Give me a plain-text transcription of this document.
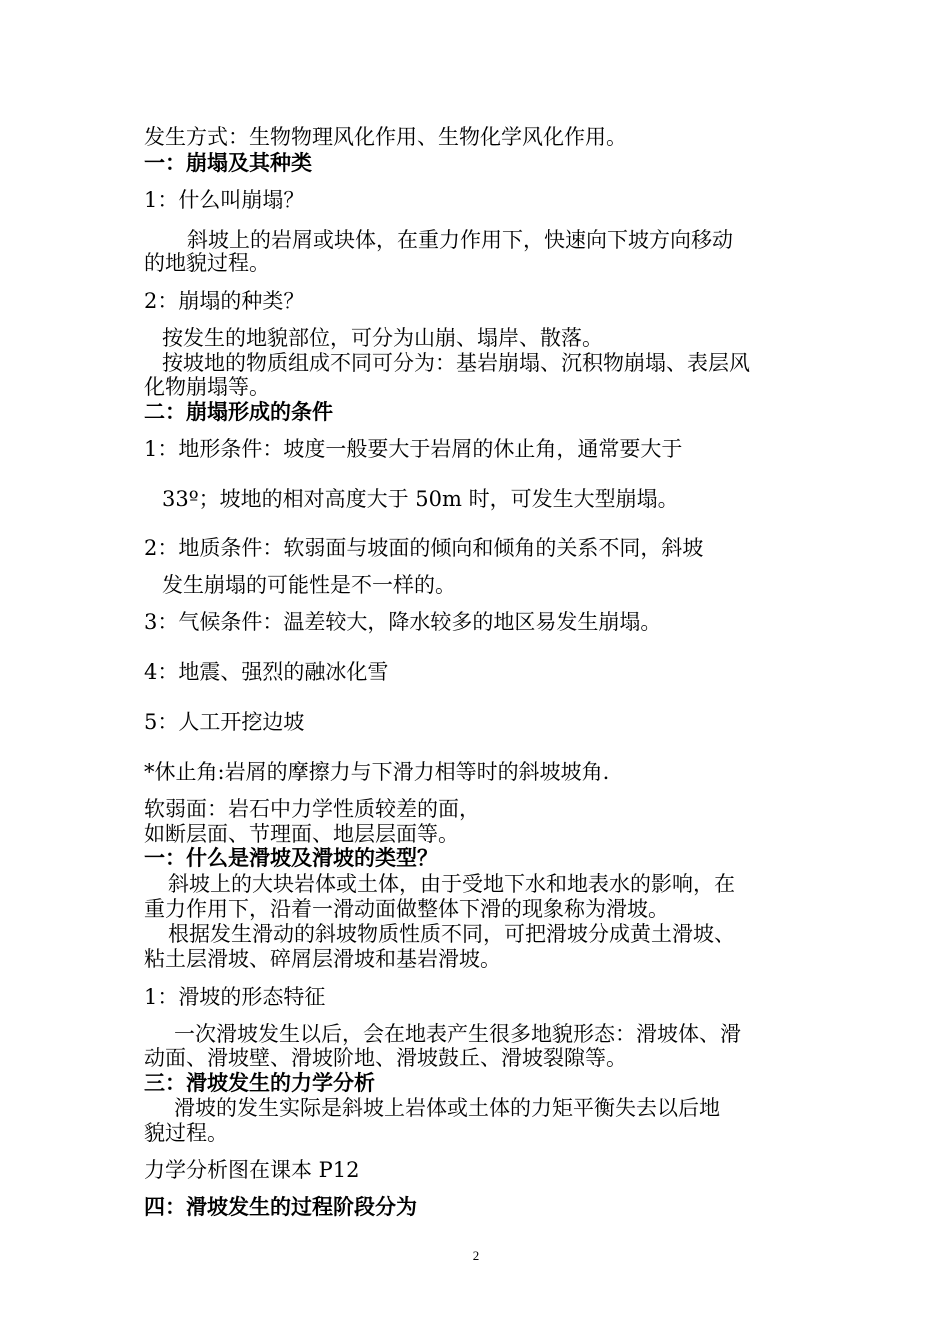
发生方式：生物物理风化作用、生物化学风化作用。

一：崩塌及其种类

1：什么叫崩塌？

斜坡上的岩屑或块体，在重力作用下，快速向下坡方向移动

的地貌过程。

2：崩塌的种类？

按发生的地貌部位，可分为山崩、塌岸、散落。

按坡地的物质组成不同可分为：基岩崩塌、沉积物崩塌、表层风

化物崩塌等。

二：崩塌形成的条件

1：地形条件：坡度一般要大于岩屑的休止角，通常要大于

33º；坡地的相对高度大于 50m 时，可发生大型崩塌。

2：地质条件：软弱面与坡面的倾向和倾角的关系不同，斜坡

发生崩塌的可能性是不一样的。

3：气候条件：温差较大，降水较多的地区易发生崩塌。

4：地震、强烈的融冰化雪

5：人工开挖边坡

*休止角:岩屑的摩擦力与下滑力相等时的斜坡坡角.

软弱面：岩石中力学性质较差的面，

如断层面、节理面、地层层面等。

一：什么是滑坡及滑坡的类型？

斜坡上的大块岩体或土体，由于受地下水和地表水的影响，在

重力作用下，沿着一滑动面做整体下滑的现象称为滑坡。

根据发生滑动的斜坡物质性质不同，可把滑坡分成黄土滑坡、

粘土层滑坡、碎屑层滑坡和基岩滑坡。

1：滑坡的形态特征

一次滑坡发生以后，会在地表产生很多地貌形态：滑坡体、滑

动面、滑坡壁、滑坡阶地、滑坡鼓丘、滑坡裂隙等。

三：滑坡发生的力学分析

滑坡的发生实际是斜坡上岩体或土体的力矩平衡失去以后地

貌过程。

力学分析图在课本 P12

四：滑坡发生的过程阶段分为

2
